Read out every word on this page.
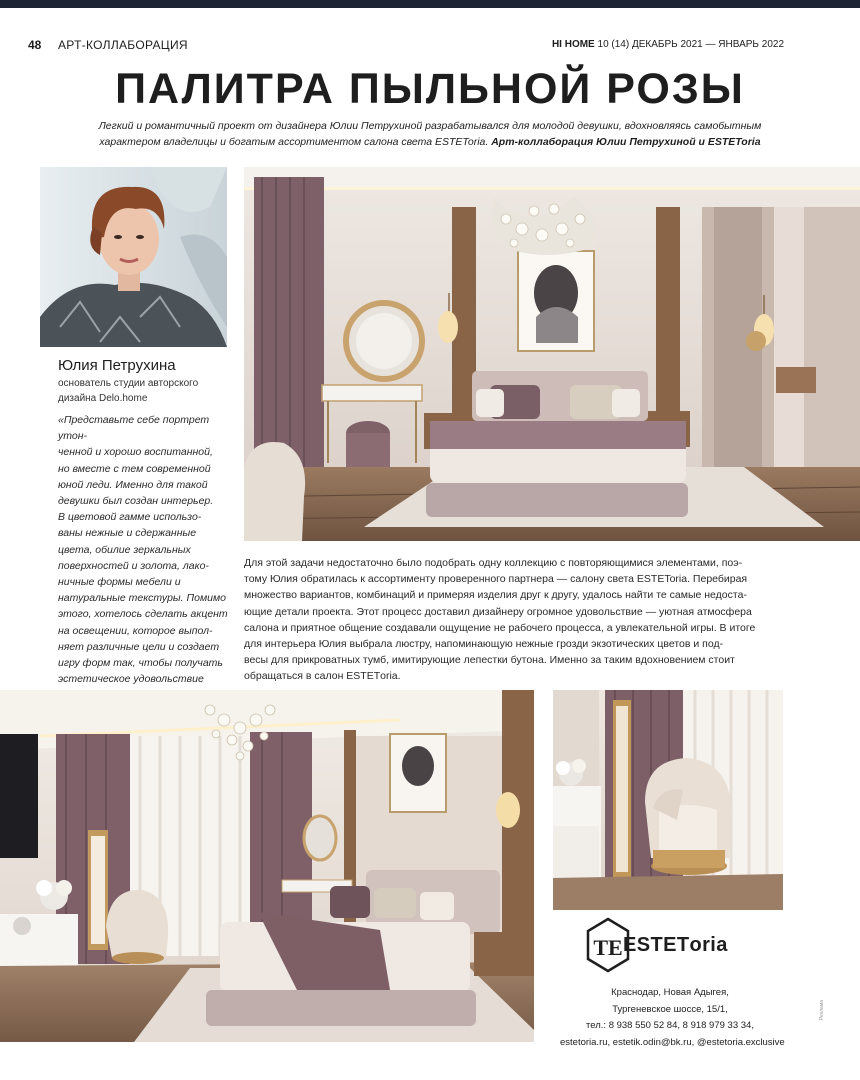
48 АРТ-КОЛЛАБОРАЦИЯ	HI HOME 10 (14) ДЕКАБРЬ 2021 — ЯНВАРЬ 2022
ПАЛИТРА ПЫЛЬНОЙ РОЗЫ
Легкий и романтичный проект от дизайнера Юлии Петрухиной разрабатывался для молодой девушки, вдохновляясь самобытным
характером владелицы и богатым ассортиментом салона света ESTEToria. Арт-коллаборация Юлии Петрухиной и ESTEToria
Юлия Петрухина
основатель студии авторского
дизайна Delo.home
«Представьте себе портрет утон-
ченной и хорошо воспитанной,
но вместе с тем современной
юной леди. Именно для такой
девушки был создан интерьер.
В цветовой гамме использо-
ваны нежные и сдержанные
цвета, обилие зеркальных
поверхностей и золота, лако-
ничные формы мебели и
натуральные текстуры. Помимо
этого, хотелось сделать акцент
на освещении, которое выпол-
няет различные цели и создает
игру форм так, чтобы получать
эстетическое удовольствие
Для этой задачи недостаточно было подобрать одну коллекцию с повторяющимися элементами, поэ-
тому Юлия обратилась к ассортименту проверенного партнера — салону света ESTEToria. Перебирая
множество вариантов, комбинаций и примеряя изделия друг к другу, удалось найти те самые недоста-
ющие детали проекта. Этот процесс доставил дизайнеру огромное удовольствие — уютная атмосфера
салона и приятное общение создавали ощущение не рабочего процесса, а увлекательной игры. В итоге
для интерьера Юлия выбрала люстру, напоминающую нежные грозди экзотических цветов и под-
весы для прикроватных тумб, имитирующие лепестки бутона. Именно за таким вдохновением стоит
обращаться в салон ESTETоria.
TE ESTETоria
Краснодар, Новая Адыгея,
Тургеневское шоссе, 15/1,
тел.: 8 938 550 52 84, 8 918 979 33 34,
estetoria.ru, estetik.odin@bk.ru, @estetoria.exclusive
Реклама
